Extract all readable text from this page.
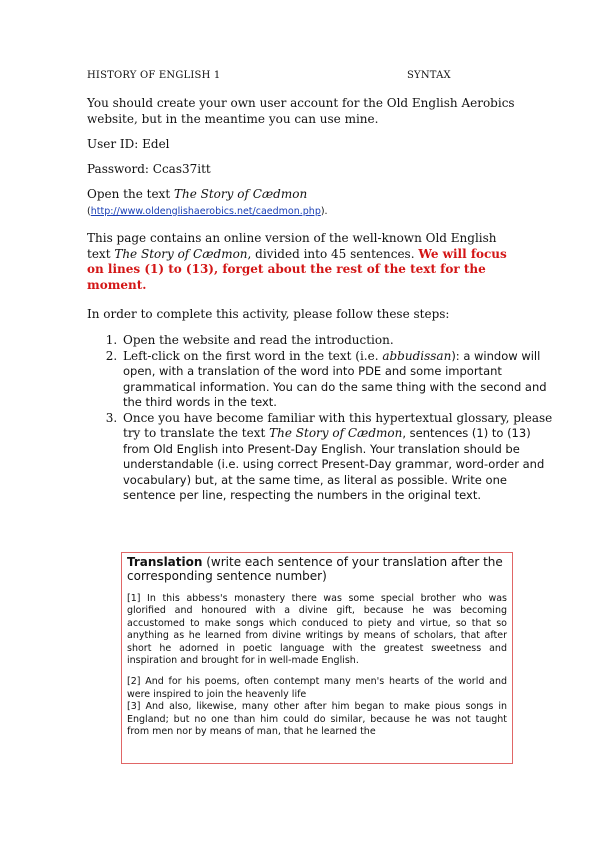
HISTORY OF ENGLISH 1	SYNTAX
You should create your own user account for the Old English Aerobics website, but in the meantime you can use mine.
User ID: Edel
Password: Ccas37itt
Open the text The Story of Cædmon
(http://www.oldenglishaerobics.net/caedmon.php).
This page contains an online version of the well-known Old English text The Story of Cædmon, divided into 45 sentences. We will focus on lines (1) to (13), forget about the rest of the text for the moment.
In order to complete this activity, please follow these steps:
1. Open the website and read the introduction.
2. Left-click on the first word in the text (i.e. abbudissan): a window will open, with a translation of the word into PDE and some important grammatical information. You can do the same thing with the second and the third words in the text.
3. Once you have become familiar with this hypertextual glossary, please try to translate the text The Story of Cædmon, sentences (1) to (13) from Old English into Present-Day English. Your translation should be understandable (i.e. using correct Present-Day grammar, word-order and vocabulary) but, at the same time, as literal as possible. Write one sentence per line, respecting the numbers in the original text.
Translation (write each sentence of your translation after the corresponding sentence number)

[1] In this abbess's monastery there was some special brother who was glorified and honoured with a divine gift, because he was becoming accustomed to make songs which conduced to piety and virtue, so that so anything as he learned from divine writings by means of scholars, that after short he adorned in poetic language with the greatest sweetness and inspiration and brought for in well-made English.

[2] And for his poems, often contempt many men's hearts of the world and were inspired to join the heavenly life

[3] And also, likewise, many other after him began to make pious songs in England; but no one than him could do similar, because he was not taught from men nor by means of man, that he learned the
